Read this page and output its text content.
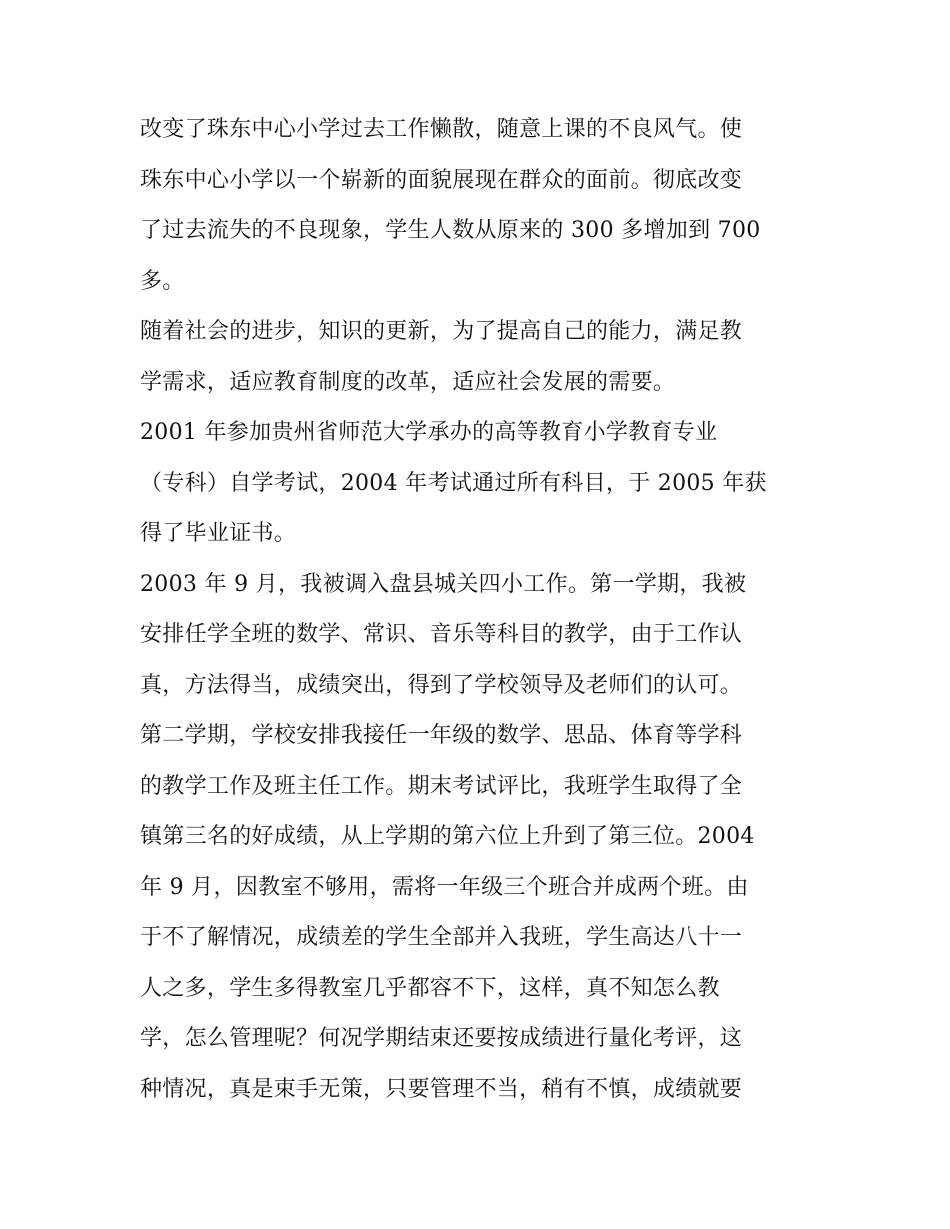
改变了珠东中心小学过去工作懒散，随意上课的不良风气。使
珠东中心小学以一个崭新的面貌展现在群众的面前。彻底改变
了过去流失的不良现象，学生人数从原来的 300 多增加到 700
多。
随着社会的进步，知识的更新，为了提高自己的能力，满足教
学需求，适应教育制度的改革，适应社会发展的需要。
2001 年参加贵州省师范大学承办的高等教育小学教育专业
（专科）自学考试，2004 年考试通过所有科目，于 2005 年获
得了毕业证书。
2003 年 9 月，我被调入盘县城关四小工作。第一学期，我被
安排任学全班的数学、常识、音乐等科目的教学，由于工作认
真，方法得当，成绩突出，得到了学校领导及老师们的认可。
第二学期，学校安排我接任一年级的数学、思品、体育等学科
的教学工作及班主任工作。期末考试评比，我班学生取得了全
镇第三名的好成绩，从上学期的第六位上升到了第三位。2004
年 9 月，因教室不够用，需将一年级三个班合并成两个班。由
于不了解情况，成绩差的学生全部并入我班，学生高达八十一
人之多，学生多得教室几乎都容不下，这样，真不知怎么教
学，怎么管理呢？何况学期结束还要按成绩进行量化考评，这
种情况，真是束手无策，只要管理不当，稍有不慎，成绩就要
